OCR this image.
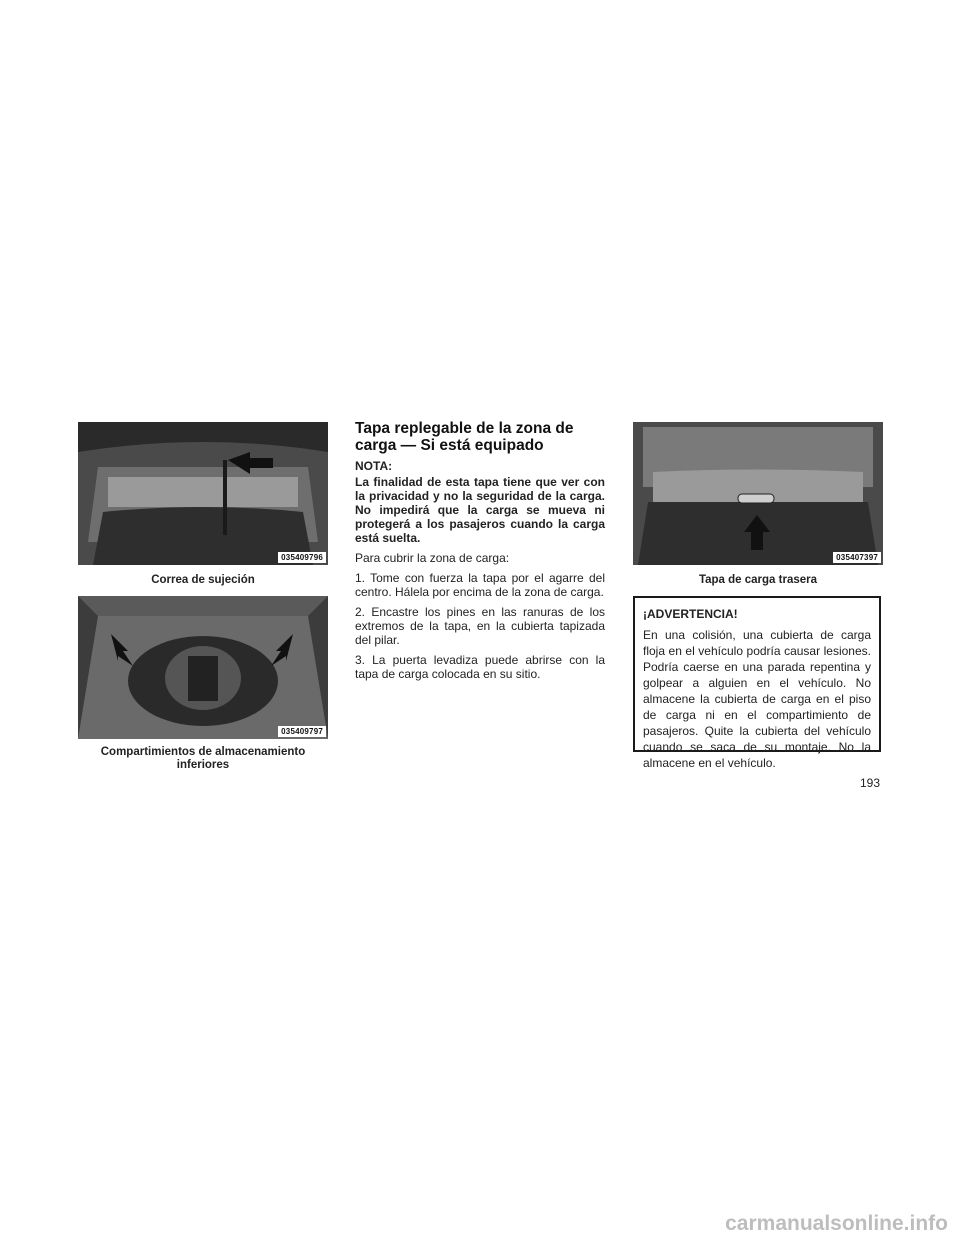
035409796
Correa de sujeción
035409797
Compartimientos de almacenamiento
inferiores
Tapa replegable de la zona de
carga — Si está equipado

NOTA:

La finalidad de esta tapa tiene que ver con la privacidad y no la seguridad de la carga. No impedirá que la carga se mueva ni protegerá a los pasajeros cuando la carga está suelta.

Para cubrir la zona de carga:

1. Tome con fuerza la tapa por el agarre del centro. Hálela por encima de la zona de carga.

2. Encastre los pines en las ranuras de los extremos de la tapa, en la cubierta tapizada del pilar.

3. La puerta levadiza puede abrirse con la tapa de carga colocada en su sitio.

035407397
Tapa de carga trasera

¡ADVERTENCIA!

En una colisión, una cubierta de carga floja en el vehículo podría causar lesiones. Podría caerse en una parada repentina y golpear a alguien en el vehículo. No almacene la cubierta de carga en el piso de carga ni en el compartimiento de pasajeros. Quite la cubierta del vehículo cuando se saca de su montaje. No la almacene en el vehículo.

193
carmanualsonline.info
